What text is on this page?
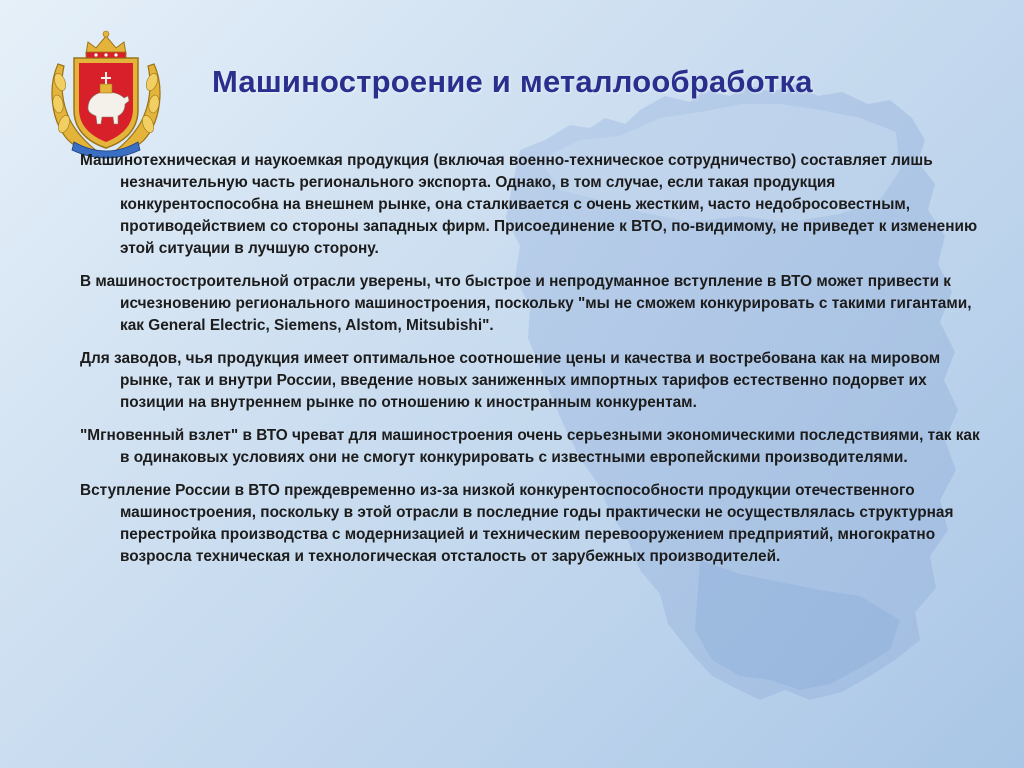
Машиностроение и металлообработка

Машинотехническая и наукоемкая продукция (включая военно-техническое сотрудничество) составляет лишь незначительную часть регионального экспорта. Однако, в том случае, если такая продукция конкурентоспособна на внешнем рынке, она сталкивается с очень жестким, часто недобросовестным, противодействием со стороны западных фирм. Присоединение к ВТО, по-видимому, не приведет к изменению этой ситуации в лучшую сторону.

В машиностостроительной отрасли уверены, что быстрое и непродуманное вступление в ВТО может привести к исчезновению регионального машиностроения, поскольку "мы не сможем конкурировать с такими гигантами, как General Electric, Siemens, Alstom, Mitsubishi".

Для заводов, чья продукция имеет оптимальное соотношение цены и качества и востребована как на мировом рынке, так и внутри России, введение новых заниженных импортных тарифов естественно подорвет их позиции на внутреннем рынке по отношению к иностранным конкурентам.

"Мгновенный взлет" в ВТО чреват для машиностроения очень серьезными экономическими последствиями, так как в одинаковых условиях они не смогут конкурировать с известными европейскими производителями.

Вступление России в ВТО преждевременно из-за низкой конкурентоспособности продукции отечественного машиностроения, поскольку в этой отрасли в последние годы практически не осуществлялась структурная перестройка производства с модернизацией и техническим перевооружением предприятий, многократно возросла техническая и технологическая отсталость от зарубежных производителей.
